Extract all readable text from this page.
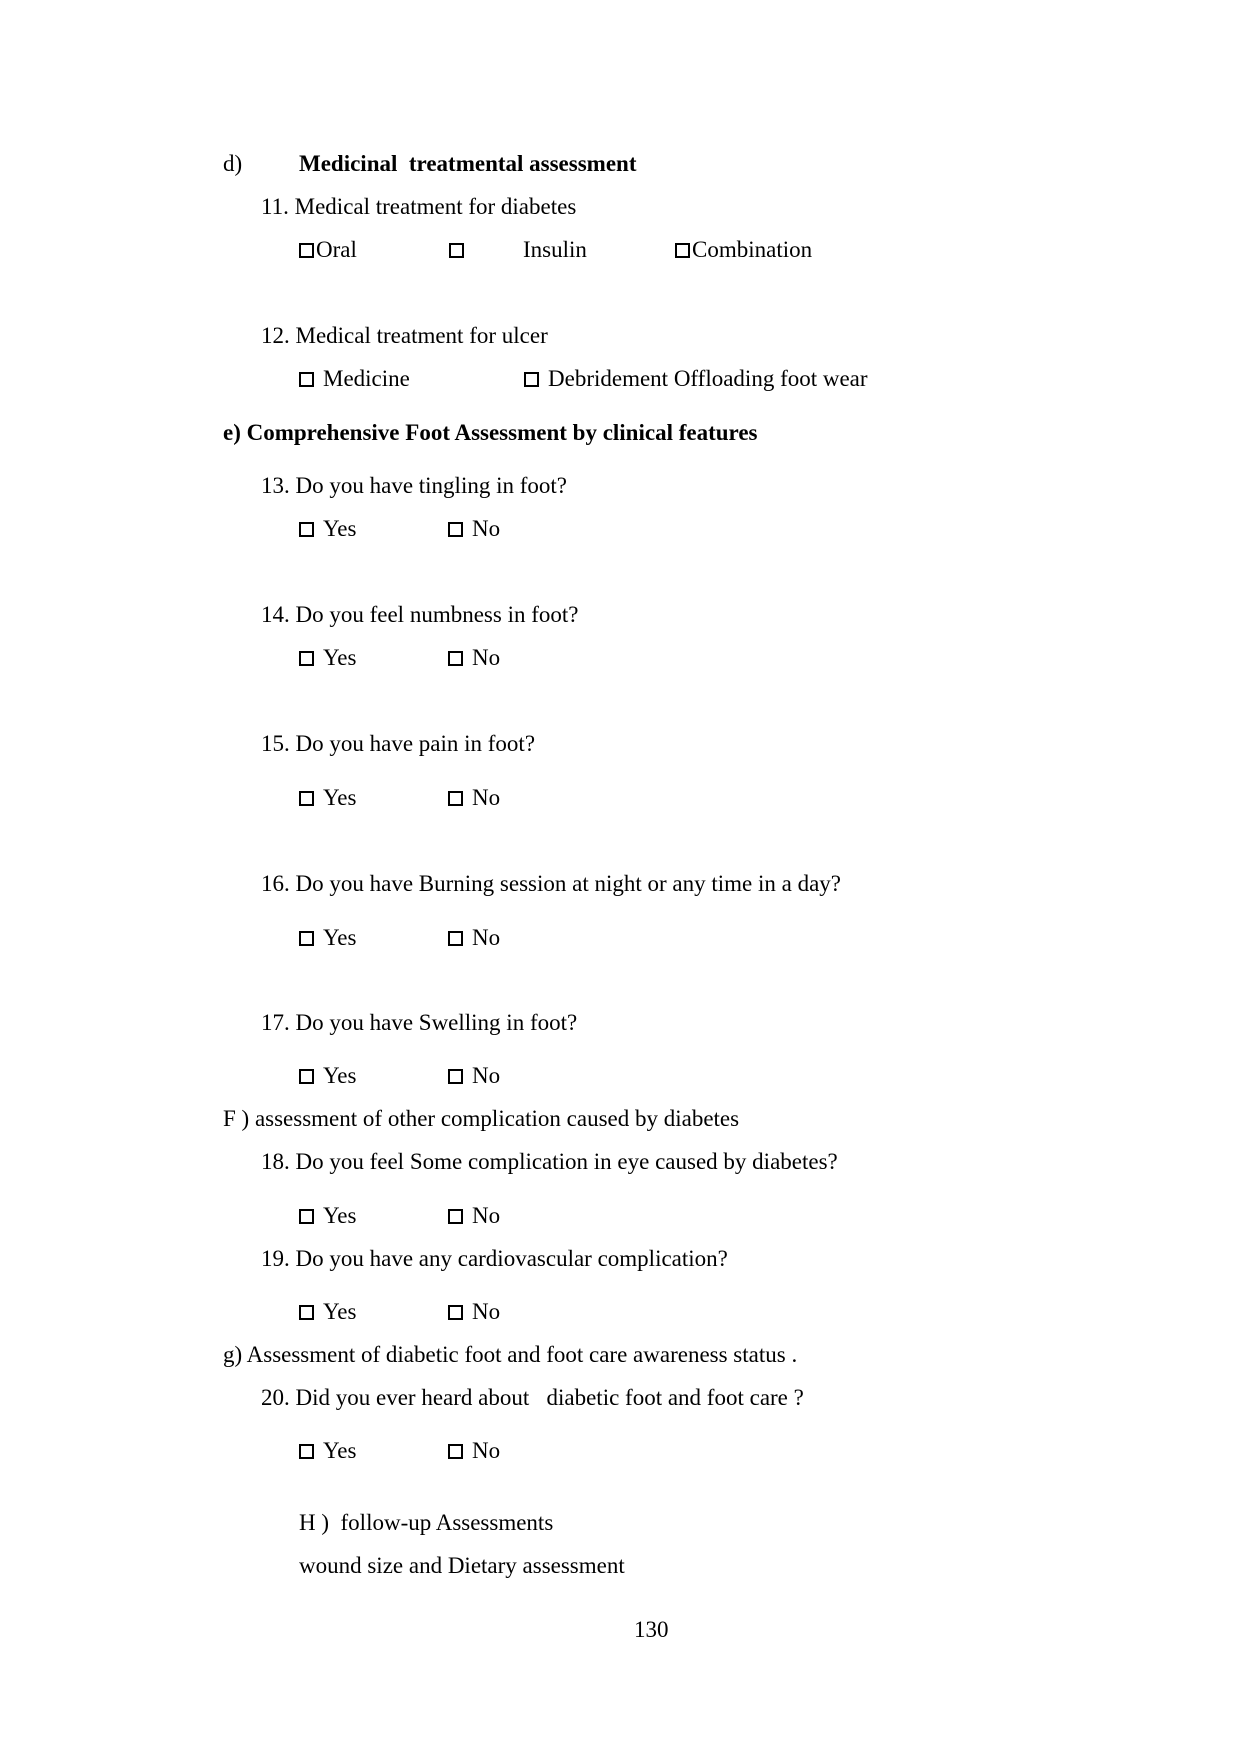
d) Medicinal  treatmental assessment
11. Medical treatment for diabetes
Oral	Insulin	Combination
12. Medical treatment for ulcer
Medicine	Debridement Offloading foot wear
e) Comprehensive Foot Assessment by clinical features
13. Do you have tingling in foot?
Yes	No
14. Do you feel numbness in foot?
Yes	No
15. Do you have pain in foot?
Yes	No
16. Do you have Burning session at night or any time in a day?
Yes	No
17. Do you have Swelling in foot?
Yes	No
F ) assessment of other complication caused by diabetes
18. Do you feel Some complication in eye caused by diabetes?
Yes	No
19. Do you have any cardiovascular complication?
Yes	No
g) Assessment of diabetic foot and foot care awareness status .
20. Did you ever heard about   diabetic foot and foot care ?
Yes	No
H )  follow-up Assessments
wound size and Dietary assessment
130
